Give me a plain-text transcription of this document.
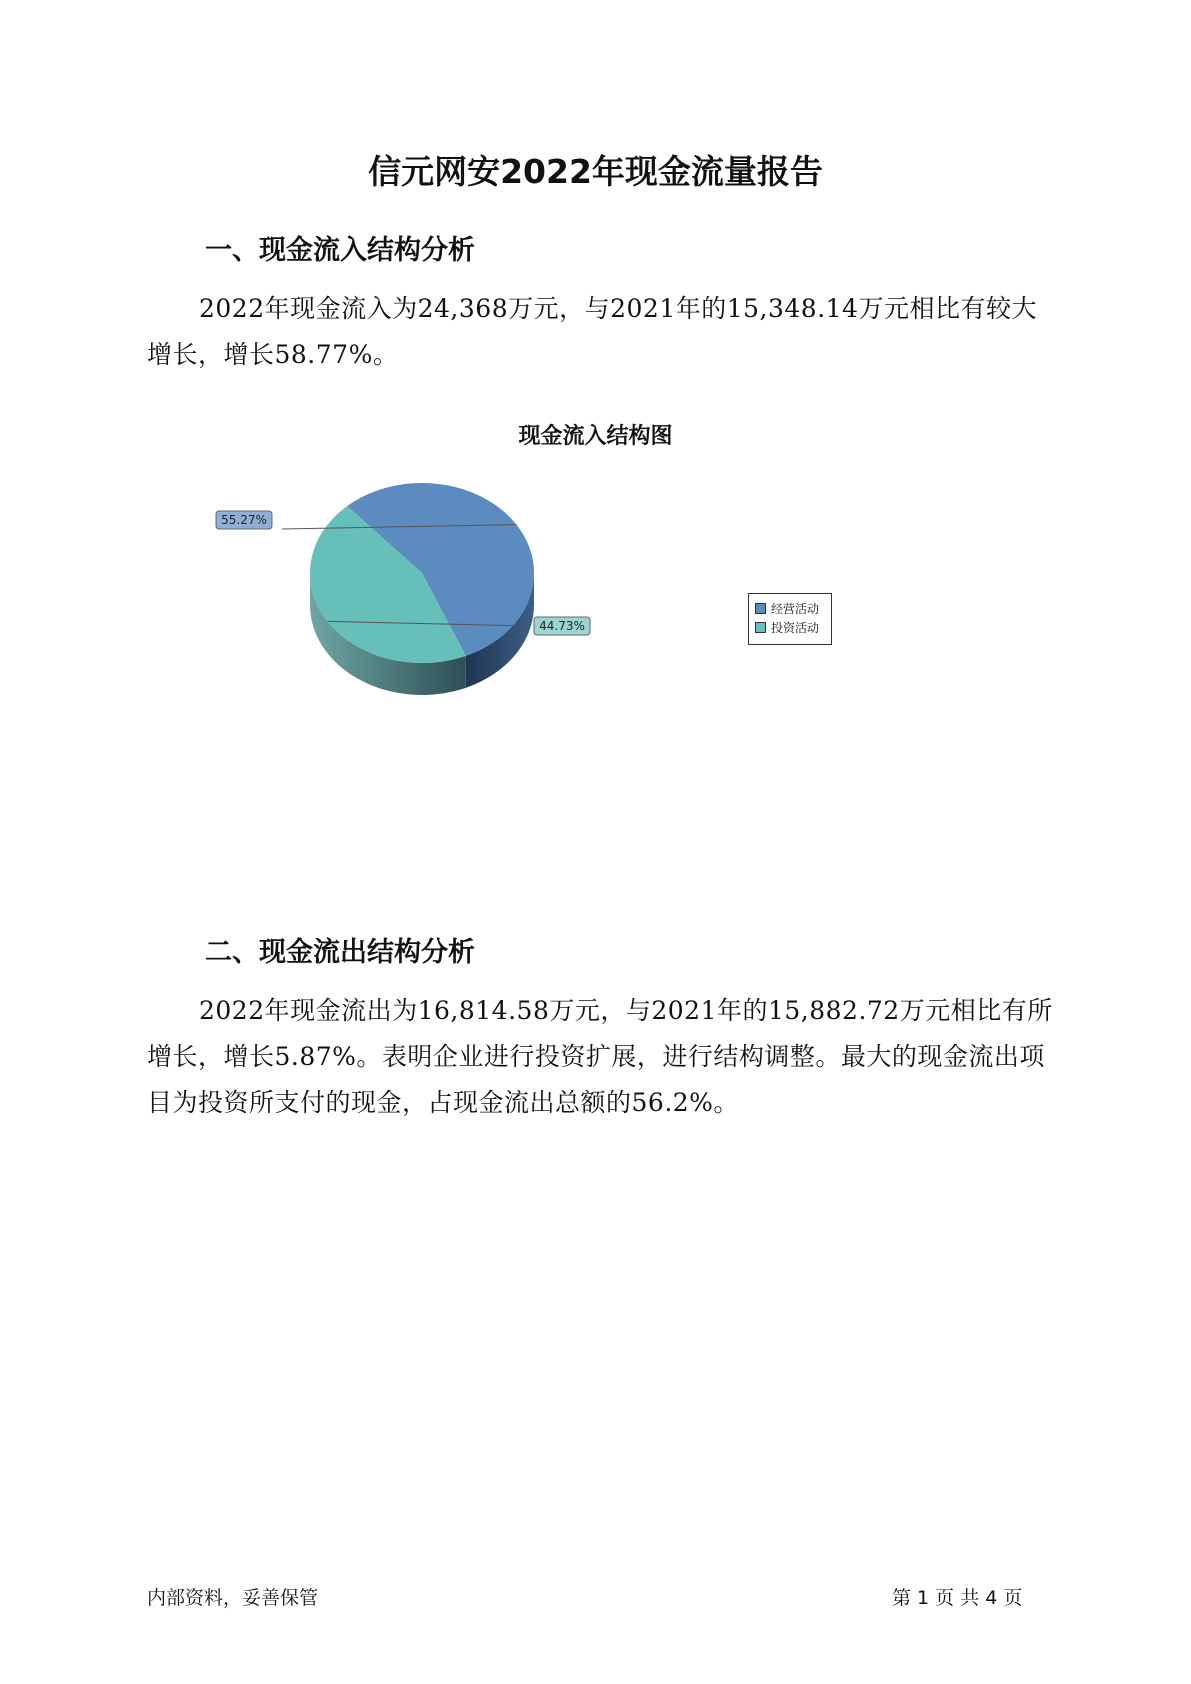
信元网安2022年现金流量报告
一、现金流入结构分析
2022年现金流入为24,368万元，与2021年的15,348.14万元相比有较大增长，增长58.77%。
现金流入结构图
55.27%
44.73%
经营活动
投资活动
二、现金流出结构分析
2022年现金流出为16,814.58万元，与2021年的15,882.72万元相比有所增长，增长5.87%。表明企业进行投资扩展，进行结构调整。最大的现金流出项目为投资所支付的现金，占现金流出总额的56.2%。
内部资料，妥善保管	第 1 页 共 4 页
